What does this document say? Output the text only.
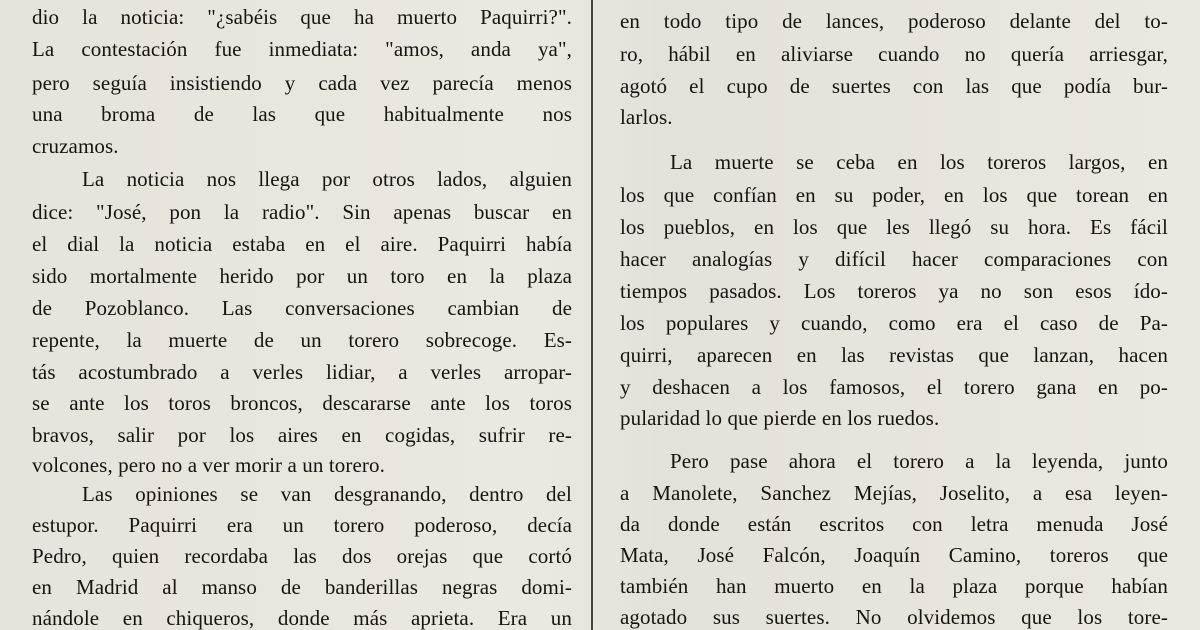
dio la noticia: "¿sabéis que ha muerto Paquirri?".
La contestación fue inmediata: "amos, anda ya",
pero seguía insistiendo y cada vez parecía menos
una broma de las que habitualmente nos
cruzamos.
La noticia nos llega por otros lados, alguien
dice: "José, pon la radio". Sin apenas buscar en
el dial la noticia estaba en el aire. Paquirri había
sido mortalmente herido por un toro en la plaza
de Pozoblanco. Las conversaciones cambian de
repente, la muerte de un torero sobrecoge. Es-
tás acostumbrado a verles lidiar, a verles arropar-
se ante los toros broncos, descararse ante los toros
bravos, salir por los aires en cogidas, sufrir re-
volcones, pero no a ver morir a un torero.
Las opiniones se van desgranando, dentro del
estupor. Paquirri era un torero poderoso, decía
Pedro, quien recordaba las dos orejas que cortó
en Madrid al manso de banderillas negras domi-
nándole en chiqueros, donde más aprieta. Era un
en todo tipo de lances, poderoso delante del to-
ro, hábil en aliviarse cuando no quería arriesgar,
agotó el cupo de suertes con las que podía bur-
larlos.
La muerte se ceba en los toreros largos, en
los que confían en su poder, en los que torean en
los pueblos, en los que les llegó su hora. Es fácil
hacer analogías y difícil hacer comparaciones con
tiempos pasados. Los toreros ya no son esos ído-
los populares y cuando, como era el caso de Pa-
quirri, aparecen en las revistas que lanzan, hacen
y deshacen a los famosos, el torero gana en po-
pularidad lo que pierde en los ruedos.
Pero pase ahora el torero a la leyenda, junto
a Manolete, Sanchez Mejías, Joselito, a esa leyen-
da donde están escritos con letra menuda José
Mata, José Falcón, Joaquín Camino, toreros que
también han muerto en la plaza porque habían
agotado sus suertes. No olvidemos que los tore-
